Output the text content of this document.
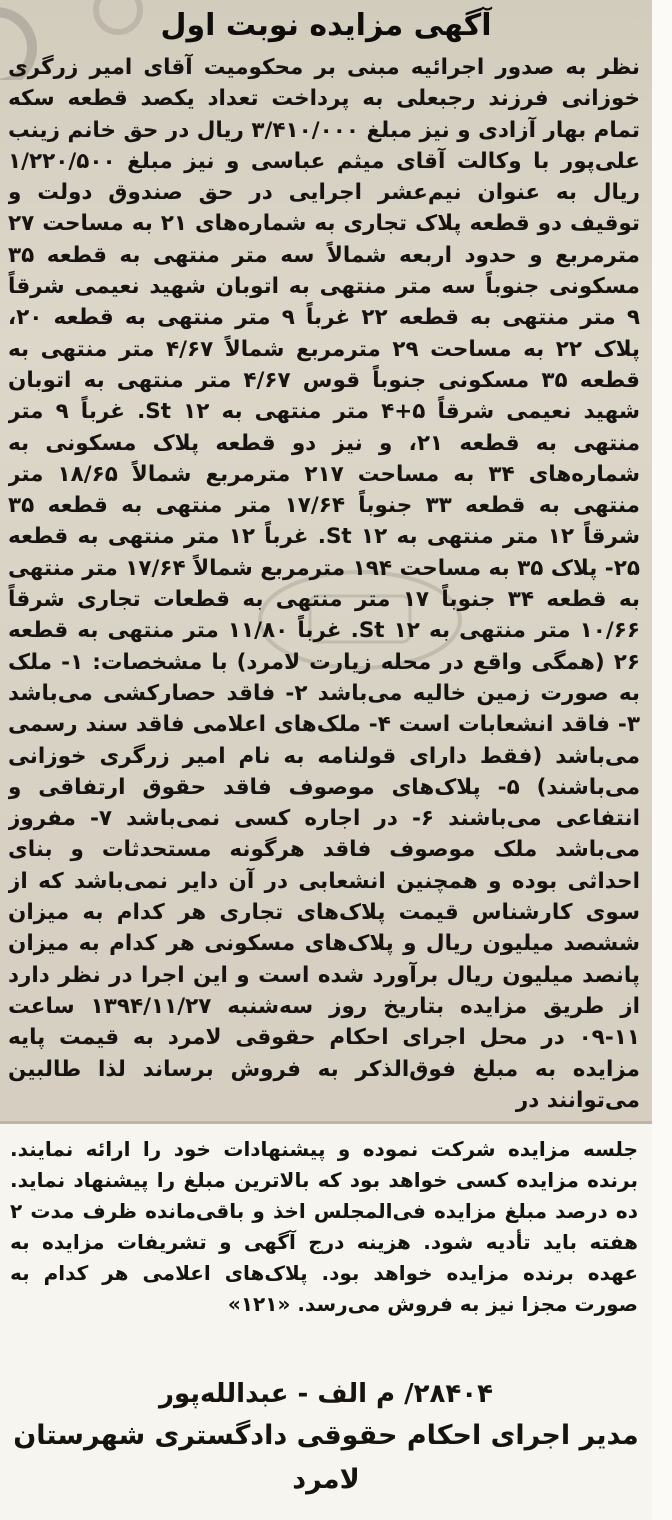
آگهی مزایده نوبت اول
نظر به صدور اجرائیه مبنی بر محکومیت آقای امیر زرگری خوزانی فرزند رجبعلی به پرداخت تعداد یکصد قطعه سکه تمام بهار آزادی و نیز مبلغ ۳/۴۱۰/۰۰۰ ریال در حق خانم زینب علی‌پور با وکالت آقای میثم عباسی و نیز مبلغ ۱/۲۲۰/۵۰۰ ریال به عنوان نیم‌عشر اجرایی در حق صندوق دولت و توقیف دو قطعه پلاک تجاری به شماره‌های ۲۱ به مساحت ۲۷ مترمربع و حدود اربعه شمالاً سه متر منتهی به قطعه ۳۵ مسکونی جنوباً سه متر منتهی به اتوبان شهید نعیمی شرقاً ۹ متر منتهی به قطعه ۲۲ غرباً ۹ متر منتهی به قطعه ۲۰، پلاک ۲۲ به مساحت ۲۹ مترمربع شمالاً ۴/۶۷ متر منتهی به قطعه ۳۵ مسکونی جنوباً قوس ۴/۶۷ متر منتهی به اتوبان شهید نعیمی شرقاً ۵+۴ متر منتهی به St ۱۲. غرباً ۹ متر منتهی به قطعه ۲۱، و نیز دو قطعه پلاک مسکونی به شماره‌های ۳۴ به مساحت ۲۱۷ مترمربع شمالاً ۱۸/۶۵ متر منتهی به قطعه ۳۳ جنوباً ۱۷/۶۴ متر منتهی به قطعه ۳۵ شرقاً ۱۲ متر منتهی به St ۱۲. غرباً ۱۲ متر منتهی به قطعه ۲۵- پلاک ۳۵ به مساحت ۱۹۴ مترمربع شمالاً ۱۷/۶۴ متر منتهی به قطعه ۳۴ جنوباً ۱۷ متر منتهی به قطعات تجاری شرقاً ۱۰/۶۶ متر منتهی به St ۱۲. غرباً ۱۱/۸۰ متر منتهی به قطعه ۲۶ (همگی واقع در محله زیارت لامرد) با مشخصات: ۱- ملک به صورت زمین خالیه می‌باشد ۲- فاقد حصارکشی می‌باشد ۳- فاقد انشعابات است ۴- ملک‌های اعلامی فاقد سند رسمی می‌باشد (فقط دارای قولنامه به نام امیر زرگری خوزانی می‌باشند) ۵- پلاک‌های موصوف فاقد حقوق ارتفاقی و انتفاعی می‌باشند ۶- در اجاره کسی نمی‌باشد ۷- مفروز می‌باشد ملک موصوف فاقد هرگونه مستحدثات و بنای احداثی بوده و همچنین انشعابی در آن دایر نمی‌باشد که از سوی کارشناس قیمت پلاک‌های تجاری هر کدام به میزان ششصد میلیون ریال و پلاک‌های مسکونی هر کدام به میزان پانصد میلیون ریال برآورد شده است و این اجرا در نظر دارد از طریق مزایده بتاریخ روز سه‌شنبه ۱۳۹۴/۱۱/۲۷ ساعت ۱۱-۰۹ در محل اجرای احکام حقوقی لامرد به قیمت پایه مزایده به مبلغ فوق‌الذکر به فروش برساند لذا طالبین می‌توانند در
جلسه مزایده شرکت نموده و پیشنهادات خود را ارائه نمایند. برنده مزایده کسی خواهد بود که بالاترین مبلغ را پیشنهاد نماید. ده درصد مبلغ مزایده فی‌المجلس اخذ و باقی‌مانده ظرف مدت ۲ هفته باید تأدیه شود. هزینه درج آگهی و تشریفات مزایده به عهده برنده مزایده خواهد بود. پلاک‌های اعلامی هر کدام به صورت مجزا نیز به فروش می‌رسد. «۱۲۱»
۲۸۴۰۴/ م الف - عبدالله‌پور
مدیر اجرای احکام حقوقی دادگستری شهرستان
لامرد
